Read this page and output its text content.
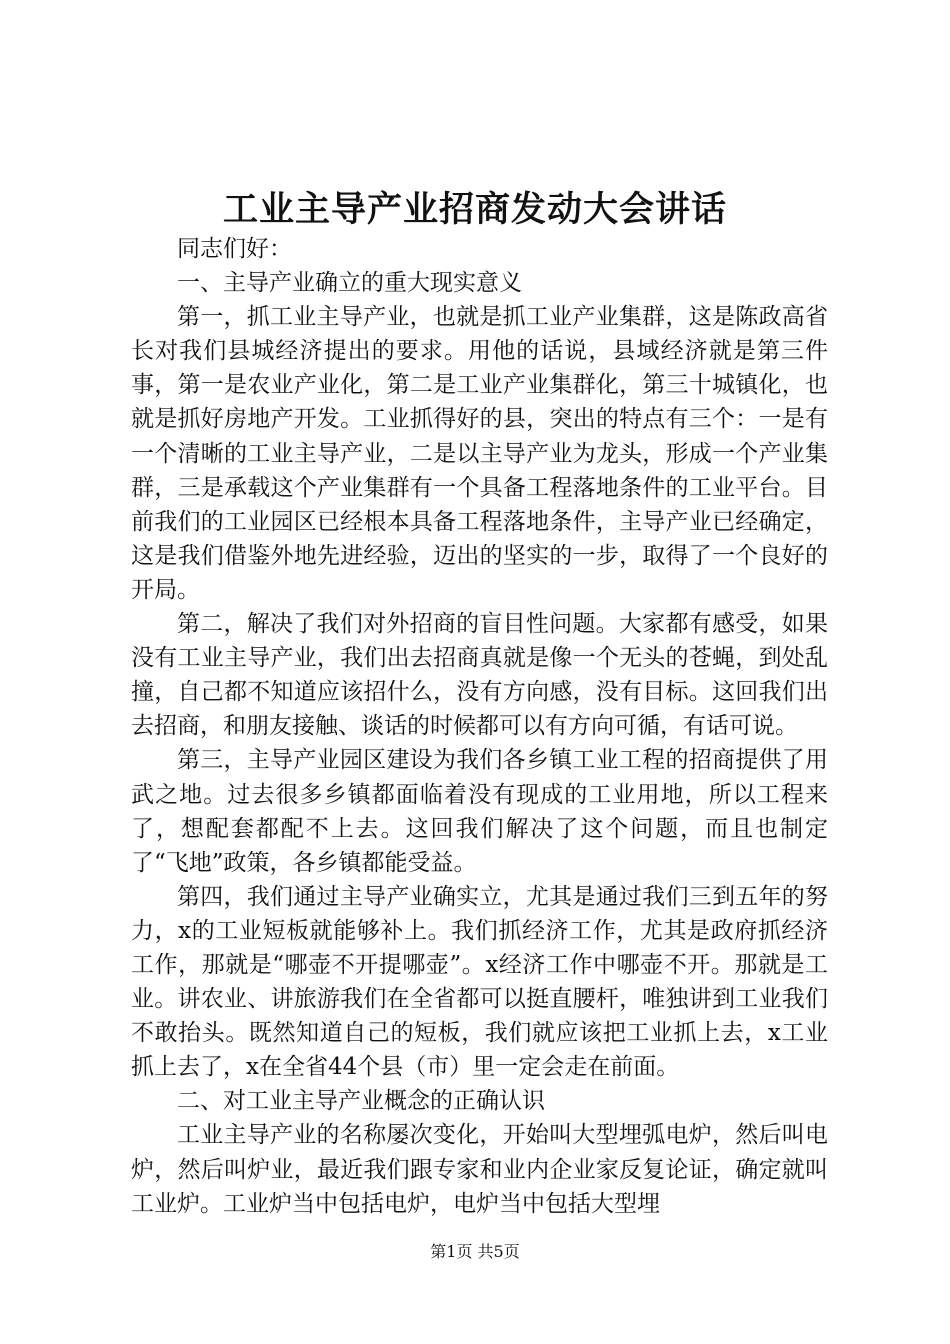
工业主导产业招商发动大会讲话

同志们好：

一、主导产业确立的重大现实意义

第一，抓工业主导产业，也就是抓工业产业集群，这是陈政高省长对我们县城经济提出的要求。用他的话说，县域经济就是第三件事，第一是农业产业化，第二是工业产业集群化，第三十城镇化，也就是抓好房地产开发。工业抓得好的县，突出的特点有三个：一是有一个清晰的工业主导产业，二是以主导产业为龙头，形成一个产业集群，三是承载这个产业集群有一个具备工程落地条件的工业平台。目前我们的工业园区已经根本具备工程落地条件，主导产业已经确定，这是我们借鉴外地先进经验，迈出的坚实的一步，取得了一个良好的开局。

第二，解决了我们对外招商的盲目性问题。大家都有感受，如果没有工业主导产业，我们出去招商真就是像一个无头的苍蝇，到处乱撞，自己都不知道应该招什么，没有方向感，没有目标。这回我们出去招商，和朋友接触、谈话的时候都可以有方向可循，有话可说。

第三，主导产业园区建设为我们各乡镇工业工程的招商提供了用武之地。过去很多乡镇都面临着没有现成的工业用地，所以工程来了，想配套都配不上去。这回我们解决了这个问题，而且也制定了“飞地”政策，各乡镇都能受益。

第四，我们通过主导产业确实立，尤其是通过我们三到五年的努力，x的工业短板就能够补上。我们抓经济工作，尤其是政府抓经济工作，那就是“哪壶不开提哪壶”。x经济工作中哪壶不开。那就是工业。讲农业、讲旅游我们在全省都可以挺直腰杆，唯独讲到工业我们不敢抬头。既然知道自己的短板，我们就应该把工业抓上去，x工业抓上去了，x在全省44个县（市）里一定会走在前面。

二、对工业主导产业概念的正确认识

工业主导产业的名称屡次变化，开始叫大型埋弧电炉，然后叫电炉，然后叫炉业，最近我们跟专家和业内企业家反复论证，确定就叫工业炉。工业炉当中包括电炉，电炉当中包括大型埋

第1页 共5页
